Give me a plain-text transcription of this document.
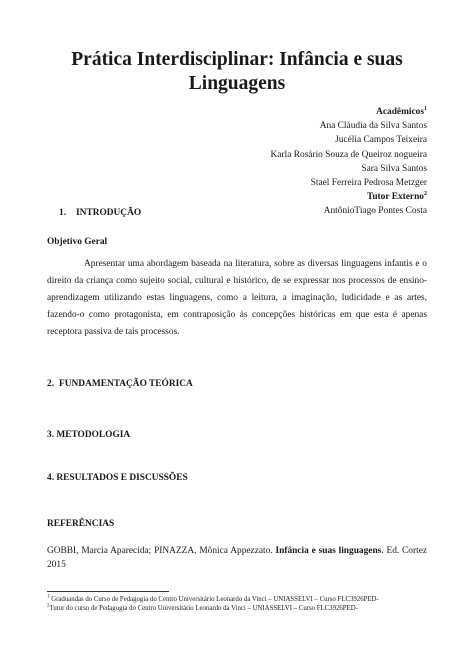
Prática Interdisciplinar: Infância e suas Linguagens
Acadêmicos$^1$
Ana Cláudia da Silva Santos
Jucélia Campos Teixeira
Karla Rosário Souza de Queiroz nogueira
Sara Silva Santos
Stael Ferreira Pedrosa Metzger
Tutor Externo$^2$
AntônioTiago Pontes Costa
1. INTRODUÇÃO
Objetivo Geral

Apresentar uma abordagem baseada na literatura, sobre as diversas linguagens infantis e o direito da criança como sujeito social, cultural e histórico, de se expressar nos processos de ensino-aprendizagem utilizando estas linguagens, como a leitura, a imaginação, ludicidade e as artes, fazendo-o como protagonista, em contraposição às concepções históricas em que esta é apenas receptora passiva de tais processos.

2. FUNDAMENTAÇÃO TEÓRICA
3. METODOLOGIA
4. RESULTADOS E DISCUSSÕES
REFERÊNCIAS
GOBBI, Marcia Aparecida; PINAZZA, Mônica Appezzato. Infância e suas linguagens. Ed. Cortez 2015
$^1$ Graduandas do Curso de Pedagogia do Centro Universitário Leonardo da Vinci – UNIASSELVI – Curso FLC3926PED-
$^2$Tutor do curso de Pedagogia do Centro Universitário Leonardo da Vinci – UNIASSELVI – Curso FLC3926PED-
